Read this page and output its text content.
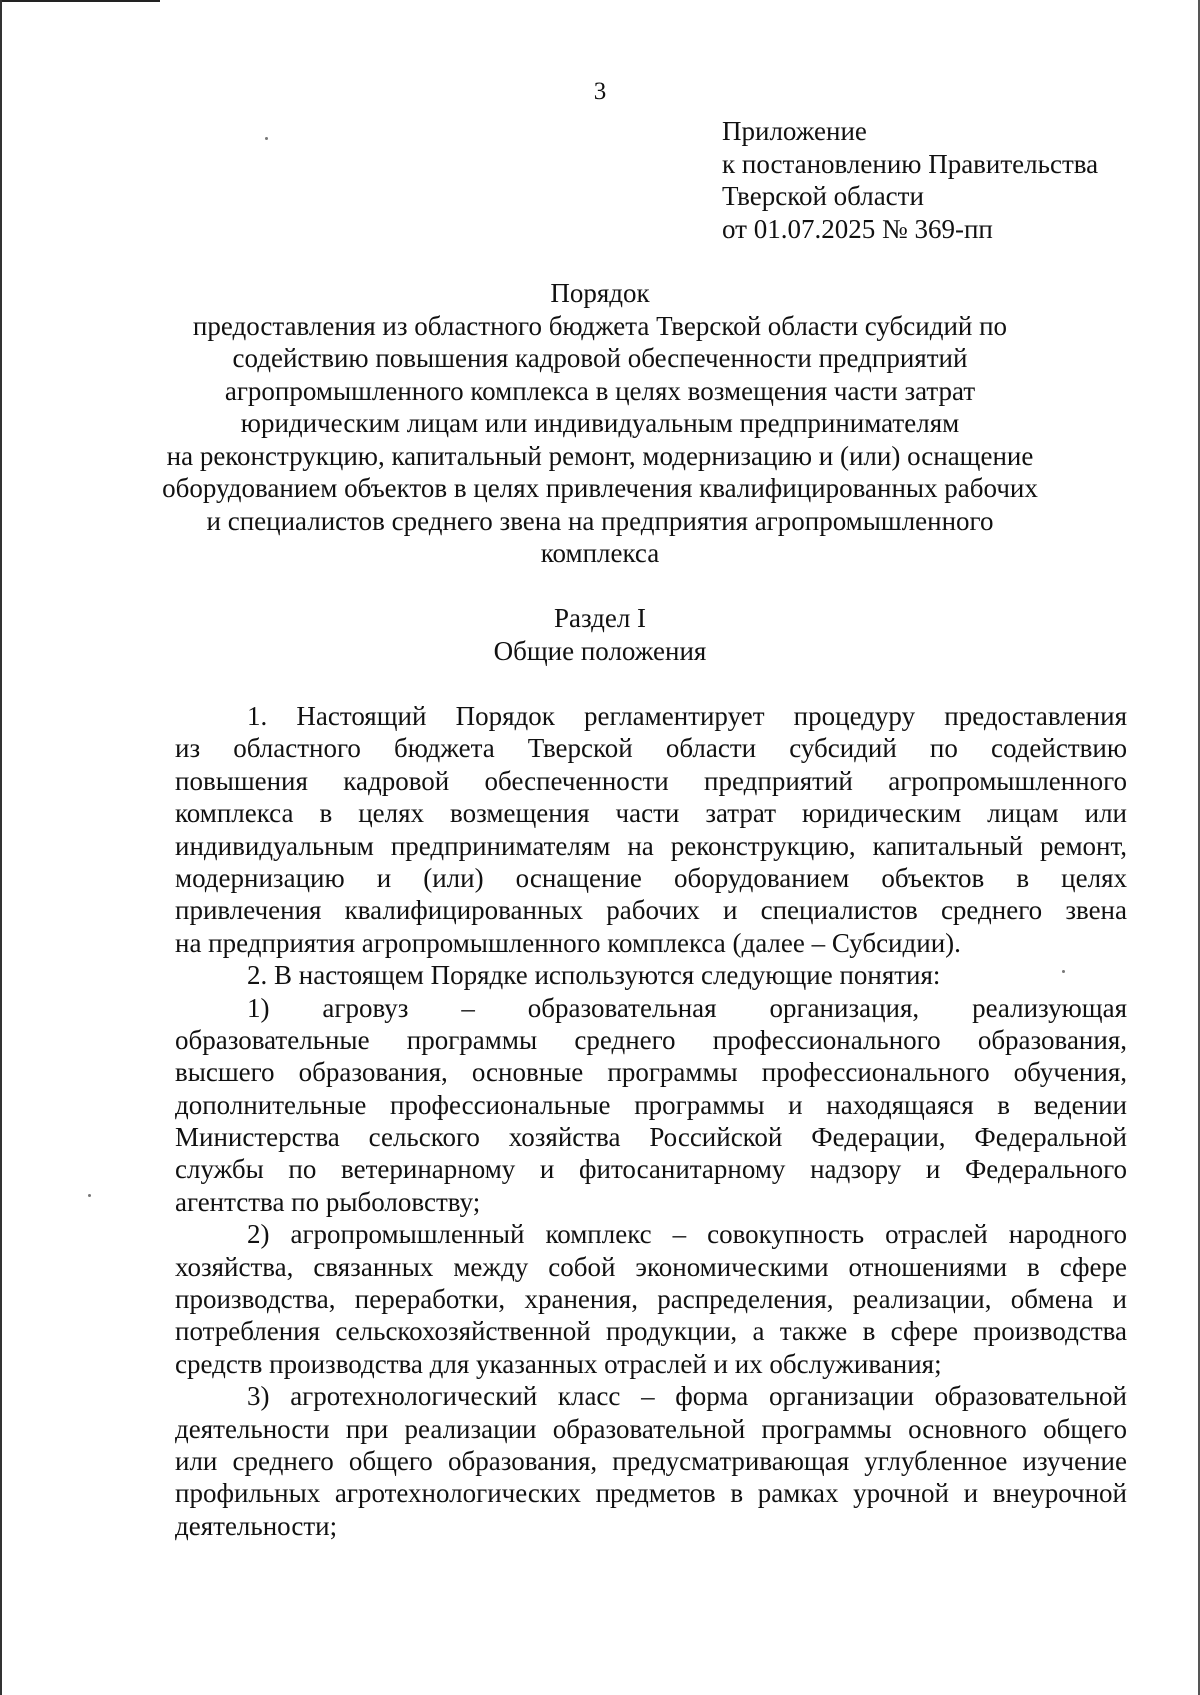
3
Приложение
к постановлению Правительства
Тверской области
от 01.07.2025 № 369-пп
Порядок
предоставления из областного бюджета Тверской области субсидий по
содействию повышения кадровой обеспеченности предприятий
агропромышленного комплекса в целях возмещения части затрат
юридическим лицам или индивидуальным предпринимателям
на реконструкцию, капитальный ремонт, модернизацию и (или) оснащение
оборудованием объектов в целях привлечения квалифицированных рабочих
и специалистов среднего звена на предприятия агропромышленного
комплекса
Раздел I
Общие положения
1. Настоящий Порядок регламентирует процедуру предоставления
из областного бюджета Тверской области субсидий по содействию
повышения кадровой обеспеченности предприятий агропромышленного
комплекса в целях возмещения части затрат юридическим лицам или
индивидуальным предпринимателям на реконструкцию, капитальный ремонт,
модернизацию и (или) оснащение оборудованием объектов в целях
привлечения квалифицированных рабочих и специалистов среднего звена
на предприятия агропромышленного комплекса (далее – Субсидии).
2. В настоящем Порядке используются следующие понятия:
1) агровуз – образовательная организация, реализующая
образовательные программы среднего профессионального образования,
высшего образования, основные программы профессионального обучения,
дополнительные профессиональные программы и находящаяся в ведении
Министерства сельского хозяйства Российской Федерации, Федеральной
службы по ветеринарному и фитосанитарному надзору и Федерального
агентства по рыболовству;
2) агропромышленный комплекс – совокупность отраслей народного
хозяйства, связанных между собой экономическими отношениями в сфере
производства, переработки, хранения, распределения, реализации, обмена и
потребления сельскохозяйственной продукции, а также в сфере производства
средств производства для указанных отраслей и их обслуживания;
3) агротехнологический класс – форма организации образовательной
деятельности при реализации образовательной программы основного общего
или среднего общего образования, предусматривающая углубленное изучение
профильных агротехнологических предметов в рамках урочной и внеурочной
деятельности;
